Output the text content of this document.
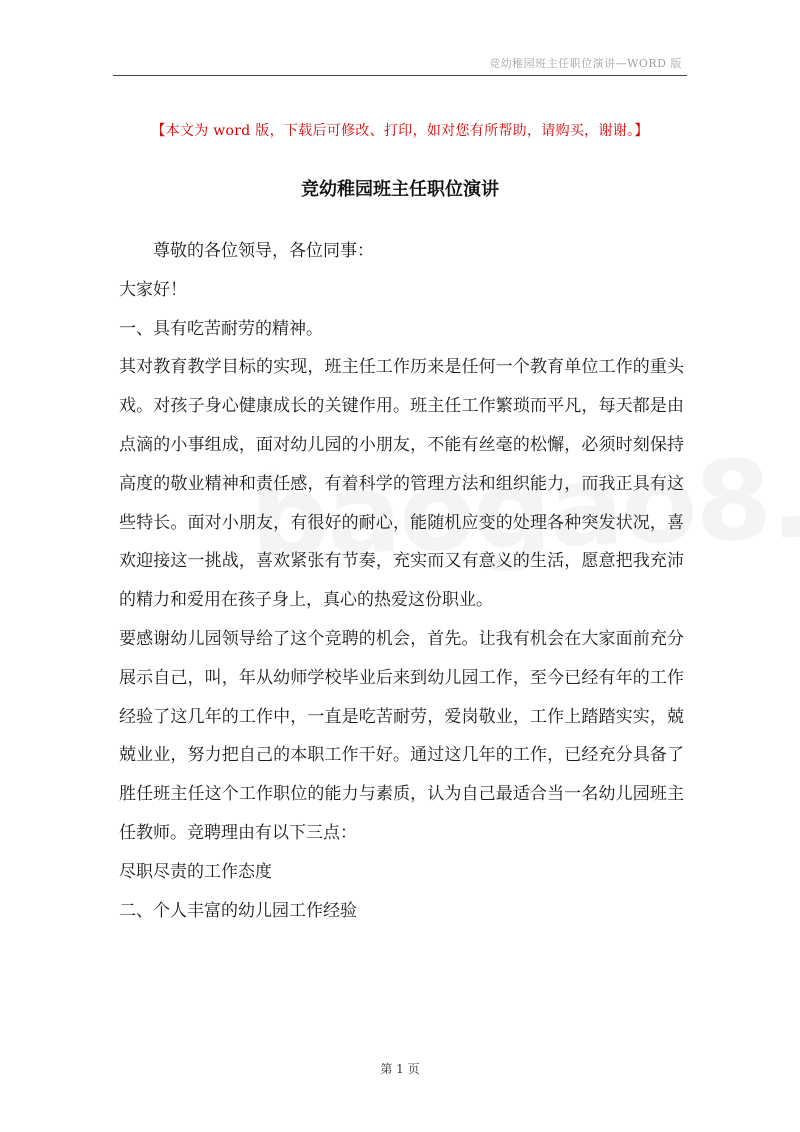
竞幼稚园班主任职位演讲—WORD 版
【本文为 word 版，下载后可修改、打印，如对您有所帮助，请购买，谢谢。】
竞幼稚园班主任职位演讲

尊敬的各位领导，各位同事：

大家好！

一、具有吃苦耐劳的精神。

其对教育教学目标的实现，班主任工作历来是任何一个教育单位工作的重头戏。对孩子身心健康成长的关键作用。班主任工作繁琐而平凡，每天都是由点滴的小事组成，面对幼儿园的小朋友，不能有丝毫的松懈，必须时刻保持高度的敬业精神和责任感，有着科学的管理方法和组织能力，而我正具有这些特长。面对小朋友，有很好的耐心，能随机应变的处理各种突发状况，喜欢迎接这一挑战，喜欢紧张有节奏，充实而又有意义的生活，愿意把我充沛的精力和爱用在孩子身上，真心的热爱这份职业。

要感谢幼儿园领导给了这个竞聘的机会，首先。让我有机会在大家面前充分展示自己，叫，年从幼师学校毕业后来到幼儿园工作，至今已经有年的工作经验了这几年的工作中，一直是吃苦耐劳，爱岗敬业，工作上踏踏实实，兢兢业业，努力把自己的本职工作干好。通过这几年的工作，已经充分具备了胜任班主任这个工作职位的能力与素质，认为自己最适合当一名幼儿园班主任教师。竞聘理由有以下三点：

尽职尽责的工作态度

二、个人丰富的幼儿园工作经验

第 1 页
